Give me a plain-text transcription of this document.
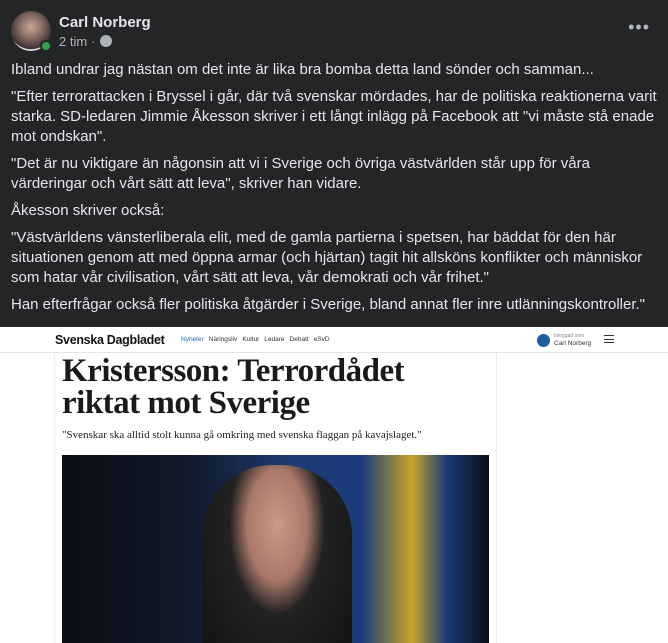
Carl Norberg
2 tim ·
•••

Ibland undrar jag nästan om det inte är lika bra bomba detta land sönder och samman...

"Efter terrorattacken i Bryssel i går, där två svenskar mördades, har de politiska reaktionerna varit starka. SD-ledaren Jimmie Åkesson skriver i ett långt inlägg på Facebook att "vi måste stå enade mot ondskan".

"Det är nu viktigare än någonsin att vi i Sverige och övriga västvärlden står upp för våra värderingar och vårt sätt att leva", skriver han vidare.

Åkesson skriver också:

"Västvärldens vänsterliberala elit, med de gamla partierna i spetsen, har bäddat för den här situationen genom att med öppna armar (och hjärtan) tagit hit allsköns konflikter och människor som hatar vår civilisation, vårt sätt att leva, vår demokrati och vår frihet."

Han efterfrågar också fler politiska åtgärder i Sverige, bland annat fler inre utlänningskontroller."

Svenska Dagbladet	Nyheter Näringsliv Kultur Ledare Debatt eSvD	Inloggad som
Carl Norberg
Kristersson: Terrordådet
riktat mot Sverige
"Svenskar ska alltid stolt kunna gå omkring med svenska flaggan på kavajslaget."
